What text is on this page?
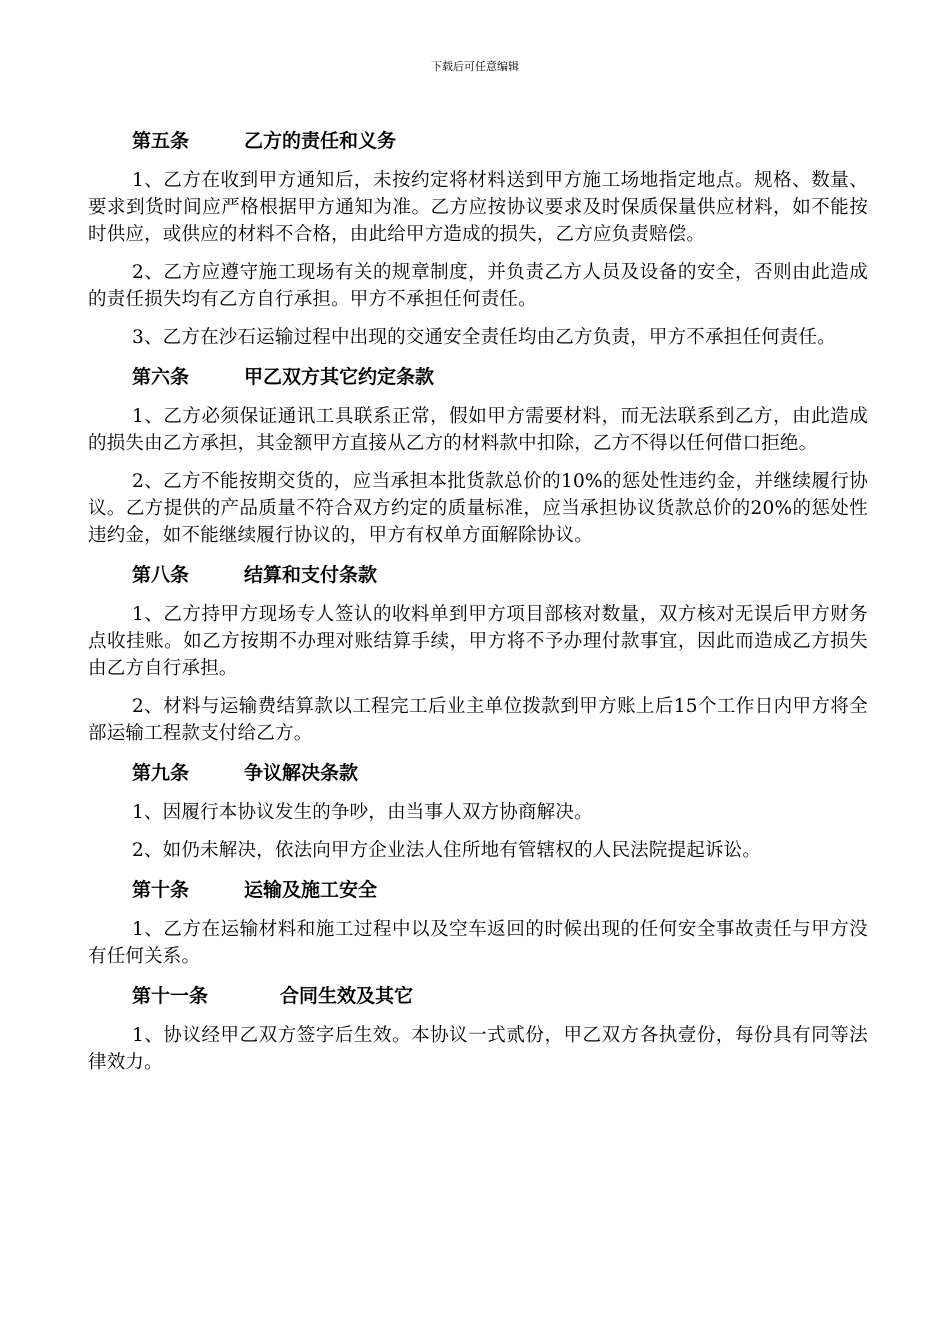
下载后可任意编辑
第五条	乙方的责任和义务

1、乙方在收到甲方通知后，未按约定将材料送到甲方施工场地指定地点。规格、数量、要求到货时间应严格根据甲方通知为准。乙方应按协议要求及时保质保量供应材料，如不能按时供应，或供应的材料不合格，由此给甲方造成的损失，乙方应负责赔偿。

2、乙方应遵守施工现场有关的规章制度，并负责乙方人员及设备的安全，否则由此造成的责任损失均有乙方自行承担。甲方不承担任何责任。

3、乙方在沙石运输过程中出现的交通安全责任均由乙方负责，甲方不承担任何责任。

第六条	甲乙双方其它约定条款

1、乙方必须保证通讯工具联系正常，假如甲方需要材料，而无法联系到乙方，由此造成的损失由乙方承担，其金额甲方直接从乙方的材料款中扣除，乙方不得以任何借口拒绝。

2、乙方不能按期交货的，应当承担本批货款总价的10%的惩处性违约金，并继续履行协议。乙方提供的产品质量不符合双方约定的质量标准，应当承担协议货款总价的20%的惩处性违约金，如不能继续履行协议的，甲方有权单方面解除协议。

第八条	结算和支付条款

1、乙方持甲方现场专人签认的收料单到甲方项目部核对数量，双方核对无误后甲方财务点收挂账。如乙方按期不办理对账结算手续，甲方将不予办理付款事宜，因此而造成乙方损失由乙方自行承担。

2、材料与运输费结算款以工程完工后业主单位拨款到甲方账上后15个工作日内甲方将全部运输工程款支付给乙方。

第九条	争议解决条款

1、因履行本协议发生的争吵，由当事人双方协商解决。

2、如仍未解决，依法向甲方企业法人住所地有管辖权的人民法院提起诉讼。

第十条	运输及施工安全

1、乙方在运输材料和施工过程中以及空车返回的时候出现的任何安全事故责任与甲方没有任何关系。

第十一条	合同生效及其它

1、协议经甲乙双方签字后生效。本协议一式贰份，甲乙双方各执壹份，每份具有同等法律效力。
